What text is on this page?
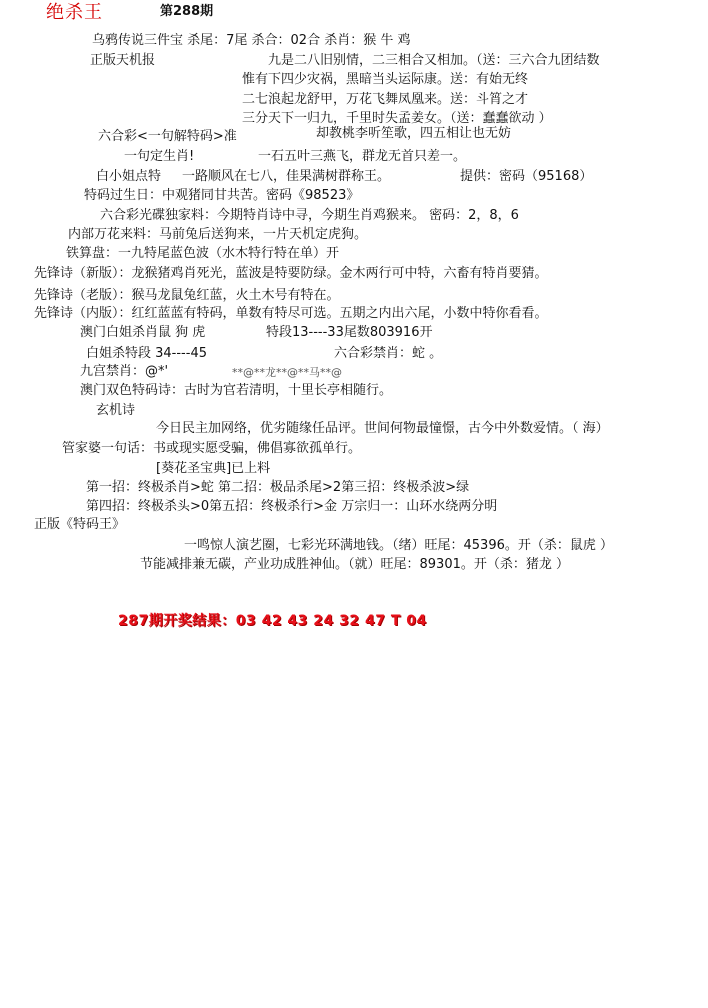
绝杀王	第288期
乌鸦传说三件宝 杀尾：7尾 杀合：02合 杀肖：猴 牛 鸡
正版天机报	九是二八旧别情，二三相合又相加。（送：三六合九团结数
惟有下四少灾祸，黑暗当头运际康。送：有始无终
二七浪起龙舒甲，万花飞舞凤凰来。送：斗筲之才
三分天下一归九，千里时失孟姜女。（送：蠢蠢欲动 ）
六合彩<一句解特码>准	却教桃李听笙歌，四五相让也无妨
一句定生肖!	一石五叶三燕飞，群龙无首只差一。
白小姐点特 一路顺风在七八，佳果满树群称王。	提供：密码（95168）
特码过生日：中观猪同甘共苦。密码《98523》
六合彩光碟独家料：今期特肖诗中寻，今期生肖鸡猴来。 密码：2，8，6
内部万花来料：马前兔后送狗来，一片天机定虎狗。
铁算盘：一九特尾蓝色波（水木特行特在单）开
先锋诗（新版）：龙猴猪鸡肖死光，蓝波是特要防绿。金木两行可中特，六畜有特肖要猜。
先锋诗（老版）：猴马龙鼠兔红蓝，火土木号有特在。
先锋诗（内版）：红红蓝蓝有特码，单数有特尽可选。五期之内出六尾，小数中特你看看。
澳门白姐杀肖鼠 狗 虎	特段13----33尾数803916开
白姐杀特段 34----45	六合彩禁肖：蛇 。
九宫禁肖：@*'	**@**龙**@**马**@
澳门双色特码诗：古时为官若清明，十里长亭相随行。
玄机诗
今日民主加网络，优劣随缘任品评。世间何物最憧憬，古今中外数爱情。（ 海）
管家婆一句话：书或现实愿受骗，佛倡寡欲孤单行。
[葵花圣宝典]已上料
第一招：终极杀肖>蛇 第二招：极品杀尾>2第三招：终极杀波>绿
第四招：终极杀头>0第五招：终极杀行>金 万宗归一：山环水绕两分明
正版《特码王》
一鸣惊人演艺圈，七彩光环满地钱。（绪）旺尾：45396。开（杀：鼠虎 ）
节能减排兼无碳，产业功成胜神仙。（就）旺尾：89301。开（杀：猪龙 ）
287期开奖结果：03 42 43 24 32 47 T 04
